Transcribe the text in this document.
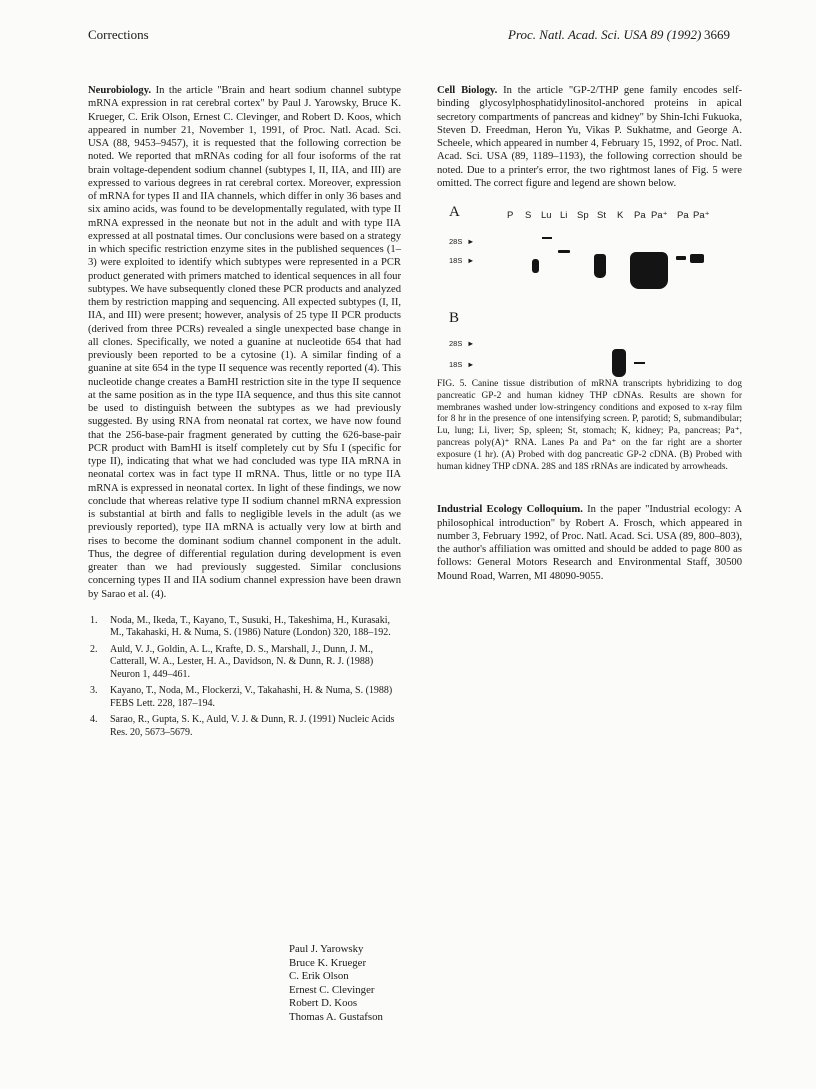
Corrections	Proc. Natl. Acad. Sci. USA 89 (1992) 3669

Neurobiology. In the article "Brain and heart sodium channel subtype mRNA expression in rat cerebral cortex" by Paul J. Yarowsky, Bruce K. Krueger, C. Erik Olson, Ernest C. Clevinger, and Robert D. Koos, which appeared in number 21, November 1, 1991, of Proc. Natl. Acad. Sci. USA (88, 9453–9457), it is requested that the following correction be noted. We reported that mRNAs coding for all four isoforms of the rat brain voltage-dependent sodium channel (subtypes I, II, IIA, and III) are expressed to various degrees in rat cerebral cortex. Moreover, expression of mRNA for types II and IIA channels, which differ in only 36 bases and six amino acids, was found to be developmentally regulated, with type II mRNA expressed in the neonate but not in the adult and with type IIA expressed at all postnatal times. Our conclusions were based on a strategy in which specific restriction enzyme sites in the published sequences (1–3) were exploited to identify which subtypes were represented in a PCR product generated with primers matched to identical sequences in all four subtypes. We have subsequently cloned these PCR products and analyzed them by restriction mapping and sequencing. All expected subtypes (I, II, IIA, and III) were present; however, analysis of 25 type II PCR products (derived from three PCRs) revealed a single unexpected base change in all clones. Specifically, we noted a guanine at nucleotide 654 that had previously been reported to be a cytosine (1). A similar finding of a guanine at site 654 in the type II sequence was recently reported (4). This nucleotide change creates a BamHI restriction site in the type II sequence at the same position as in the type IIA sequence, and thus this site cannot be used to distinguish between the subtypes as we had previously suggested. By using RNA from neonatal rat cortex, we have now found that the 256-base-pair fragment generated by cutting the 626-base-pair PCR product with BamHI is itself completely cut by Sfu I (specific for type II), indicating that what we had concluded was type IIA mRNA in neonatal cortex was in fact type II mRNA. Thus, little or no type IIA mRNA is expressed in neonatal cortex. In light of these findings, we now conclude that whereas relative type II sodium channel mRNA expression is substantial at birth and falls to negligible levels in the adult (as we previously reported), type IIA mRNA is actually very low at birth and rises to become the dominant sodium channel component in the adult. Thus, the degree of differential regulation during development is even greater than we had previously suggested. Similar conclusions concerning types II and IIA sodium channel expression have been drawn by Sarao et al. (4).

1.	Noda, M., Ikeda, T., Kayano, T., Susuki, H., Takeshima, H., Kurasaki, M., Takahaski, H. & Numa, S. (1986) Nature (London) 320, 188–192.
2.	Auld, V. J., Goldin, A. L., Krafte, D. S., Marshall, J., Dunn, J. M., Catterall, W. A., Lester, H. A., Davidson, N. & Dunn, R. J. (1988) Neuron 1, 449–461.
3.	Kayano, T., Noda, M., Flockerzi, V., Takahashi, H. & Numa, S. (1988) FEBS Lett. 228, 187–194.
4.	Sarao, R., Gupta, S. K., Auld, V. J. & Dunn, R. J. (1991) Nucleic Acids Res. 20, 5673–5679.
Paul J. Yarowsky
Bruce K. Krueger
C. Erik Olson
Ernest C. Clevinger
Robert D. Koos
Thomas A. Gustafson

Cell Biology. In the article "GP-2/THP gene family encodes self-binding glycosylphosphatidylinositol-anchored proteins in apical secretory compartments of pancreas and kidney" by Shin-Ichi Fukuoka, Steven D. Freedman, Heron Yu, Vikas P. Sukhatme, and George A. Scheele, which appeared in number 4, February 15, 1992, of Proc. Natl. Acad. Sci. USA (89, 1189–1193), the following correction should be noted. Due to a printer's error, the two rightmost lanes of Fig. 5 were omitted. The correct figure and legend are shown below.

A
B
P S Lu Li Sp St K Pa Pa⁺ Pa Pa⁺
28S ►
18S ►
28S ►
18S ►

FIG. 5. Canine tissue distribution of mRNA transcripts hybridizing to dog pancreatic GP-2 and human kidney THP cDNAs. Results are shown for membranes washed under low-stringency conditions and exposed to x-ray film for 8 hr in the presence of one intensifying screen. P, parotid; S, submandibular; Lu, lung; Li, liver; Sp, spleen; St, stomach; K, kidney; Pa, pancreas; Pa⁺, pancreas poly(A)⁺ RNA. Lanes Pa and Pa⁺ on the far right are a shorter exposure (1 hr). (A) Probed with dog pancreatic GP-2 cDNA. (B) Probed with human kidney THP cDNA. 28S and 18S rRNAs are indicated by arrowheads.

Industrial Ecology Colloquium. In the paper "Industrial ecology: A philosophical introduction" by Robert A. Frosch, which appeared in number 3, February 1992, of Proc. Natl. Acad. Sci. USA (89, 800–803), the author's affiliation was omitted and should be added to page 800 as follows: General Motors Research and Environmental Staff, 30500 Mound Road, Warren, MI 48090-9055.
